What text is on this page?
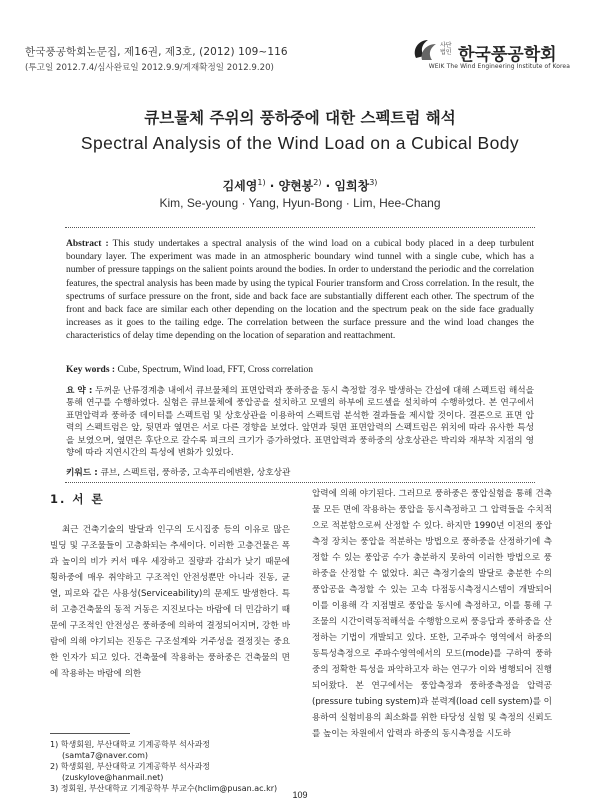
한국풍공학회논문집, 제16권, 제3호, (2012) 109~116
(투고일 2012.7.4/심사완료일 2012.9.9/게재확정일 2012.9.20)
사단
법인 한국풍공학회
WEIK The Wind Engineering Institute of Korea
큐브물체 주위의 풍하중에 대한 스펙트럼 해석
Spectral Analysis of the Wind Load on a Cubical Body
김세영$^{1)}$ · 양현봉$^{2)}$ · 임희창$^{3)}$
Kim, Se-young · Yang, Hyun-Bong · Lim, Hee-Chang
Abstract : This study undertakes a spectral analysis of the wind load on a cubical body placed in a deep turbulent boundary layer. The experiment was made in an atmospheric boundary wind tunnel with a single cube, which has a number of pressure tappings on the salient points around the bodies. In order to understand the periodic and the correlation features, the spectral analysis has been made by using the typical Fourier transform and Cross correlation. In the result, the spectrums of surface pressure on the front, side and back face are substantially different each other. The spectrum of the front and back face are similar each other depending on the location and the spectrum peak on the side face gradually increases as it goes to the tailing edge. The correlation between the surface pressure and the wind load changes the characteristics of delay time depending on the location of separation and reattachment.
Key words : Cube, Spectrum, Wind load, FFT, Cross correlation
요 약 : 두꺼운 난류경계층 내에서 큐브물체의 표면압력과 풍하중을 동시 측정할 경우 발생하는 간섭에 대해 스펙트럼 해석을 통해 연구를 수행하였다. 실험은 큐브물체에 풍압공을 설치하고 모델의 하부에 로드셀을 설치하여 수행하였다. 본 연구에서 표면압력과 풍하중 데이터를 스펙트럼 및 상호상관을 이용하여 스펙트럼 분석한 결과들을 제시할 것이다. 결론으로 표면 압력의 스펙트럼은 앞, 뒷면과 옆면은 서로 다른 경향을 보였다. 앞면과 뒷면 표면압력의 스펙트럼은 위치에 따라 유사한 특성을 보였으며, 옆면은 후단으로 갈수록 피크의 크기가 증가하였다. 표면압력과 풍하중의 상호상관은 박리와 재부착 지점의 영향에 따라 지연시간의 특성에 변화가 있었다.
키워드 : 큐브, 스펙트럼, 풍하중, 고속푸리에변환, 상호상관
1. 서 론
최근 건축기술의 발달과 인구의 도시집중 등의 이유로 많은 빌딩 및 구조물들이 고층화되는 추세이다. 이러한 고층건물은 폭과 높이의 비가 커서 매우 세장하고 질량과 감쇠가 낮기 때문에 횡하중에 매우 취약하고 구조적인 안전성뿐만 아니라 진동, 균열, 피로와 같은 사용성(Serviceability)의 문제도 발생한다. 특히 고층건축물의 동적 거동은 지진보다는 바람에 더 민감하기 때문에 구조적인 안전성은 풍하중에 의하여 결정되어지며, 강한 바람에 의해 야기되는 진동은 구조설계와 거주성을 결정짓는 중요한 인자가 되고 있다. 건축물에 작용하는 풍하중은 건축물의 면에 작용하는 바람에 의한
압력에 의해 야기된다. 그러므로 풍하중은 풍압실험을 통해 건축물 모든 면에 작용하는 풍압을 동시측정하고 그 압력들을 수치적으로 적분함으로써 산정할 수 있다. 하지만 1990년 이전의 풍압 측정 장치는 풍압을 적분하는 방법으로 풍하중을 산정하기에 측정할 수 있는 풍압공 수가 충분하지 못하여 이러한 방법으로 풍하중을 산정할 수 없었다. 최근 측정기술의 발달로 충분한 수의 풍압공을 측정할 수 있는 고속 다점동시측정시스템이 개발되어 이를 이용해 각 지점별로 풍압을 동시에 측정하고, 이를 통해 구조물의 시간이력동적해석을 수행함으로써 풍응답과 풍하중을 산정하는 기법이 개발되고 있다. 또한, 고주파수 영역에서 하중의 동특성측정으로 주파수영역에서의 모드(mode)를 구하여 풍하중의 정확한 특성을 파악하고자 하는 연구가 이와 병행되어 진행되어왔다. 본 연구에서는 풍압측정과 풍하중측정을 압력공(pressure tubing system)과 분력계(load cell system)를 이용하여 실험비용의 최소화를 위한 타당성 실험 및 측정의 신뢰도를 높이는 차원에서 압력과 하중의 동시측정을 시도하
1) 학생회원, 부산대학교 기계공학부 석사과정
(samta7@naver.com)
2) 학생회원, 부산대학교 기계공학부 석사과정
(zuskylove@hanmail.net)
3) 정회원, 부산대학교 기계공학부 부교수(hclim@pusan.ac.kr)
109
